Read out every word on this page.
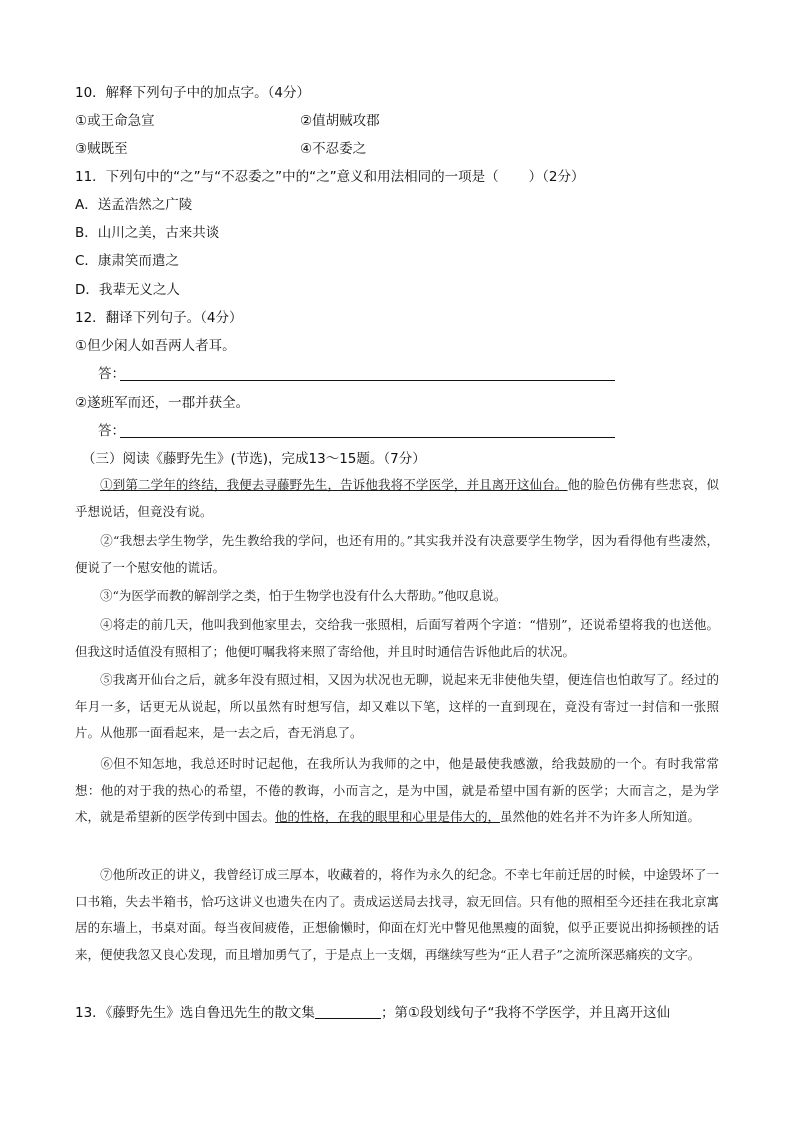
10．解释下列句子中的加点字。（4分）
①或王命急宣	②值胡贼攻郡
③贼既至	④不忍委之
11．下列句中的“之”与“不忍委之”中的“之”意义和用法相同的一项是（ ）（2分）
A．送孟浩然之广陵
B．山川之美，古来共谈
C．康肃笑而遣之
D．我辈无义之人
12．翻译下列句子。（4分）
①但少闲人如吾两人者耳。
答：
②遂班军而还，一郡并获全。
答：
（三）阅读《藤野先生》(节选)，完成13～15题。（7分）
①到第二学年的终结，我便去寻藤野先生，告诉他我将不学医学，并且离开这仙台。他的脸色仿佛有些悲哀，似乎想说话，但竟没有说。
②“我想去学生物学，先生教给我的学问，也还有用的。”其实我并没有决意要学生物学，因为看得他有些凄然，便说了一个慰安他的谎话。
③“为医学而教的解剖学之类，怕于生物学也没有什么大帮助。”他叹息说。
④将走的前几天，他叫我到他家里去，交给我一张照相，后面写着两个字道：“惜别”，还说希望将我的也送他。但我这时适值没有照相了；他便叮嘱我将来照了寄给他，并且时时通信告诉他此后的状况。
⑤我离开仙台之后，就多年没有照过相，又因为状况也无聊，说起来无非使他失望，便连信也怕敢写了。经过的年月一多，话更无从说起，所以虽然有时想写信，却又难以下笔，这样的一直到现在，竟没有寄过一封信和一张照片。从他那一面看起来，是一去之后，杳无消息了。
⑥但不知怎地，我总还时时记起他，在我所认为我师的之中，他是最使我感激，给我鼓励的一个。有时我常常想：他的对于我的热心的希望，不倦的教诲，小而言之，是为中国，就是希望中国有新的医学；大而言之，是为学术，就是希望新的医学传到中国去。他的性格，在我的眼里和心里是伟大的，虽然他的姓名并不为许多人所知道。
⑦他所改正的讲义，我曾经订成三厚本，收藏着的，将作为永久的纪念。不幸七年前迁居的时候，中途毁坏了一口书箱，失去半箱书，恰巧这讲义也遗失在内了。责成运送局去找寻，寂无回信。只有他的照相至今还挂在我北京寓居的东墙上，书桌对面。每当夜间疲倦，正想偷懒时，仰面在灯光中瞥见他黑瘦的面貌，似乎正要说出抑扬顿挫的话来，便使我忽又良心发现，而且增加勇气了，于是点上一支烟，再继续写些为“正人君子”之流所深恶痛疾的文字。
13．《藤野先生》选自鲁迅先生的散文集	；第①段划线句子“我将不学医学，并且离开这仙
